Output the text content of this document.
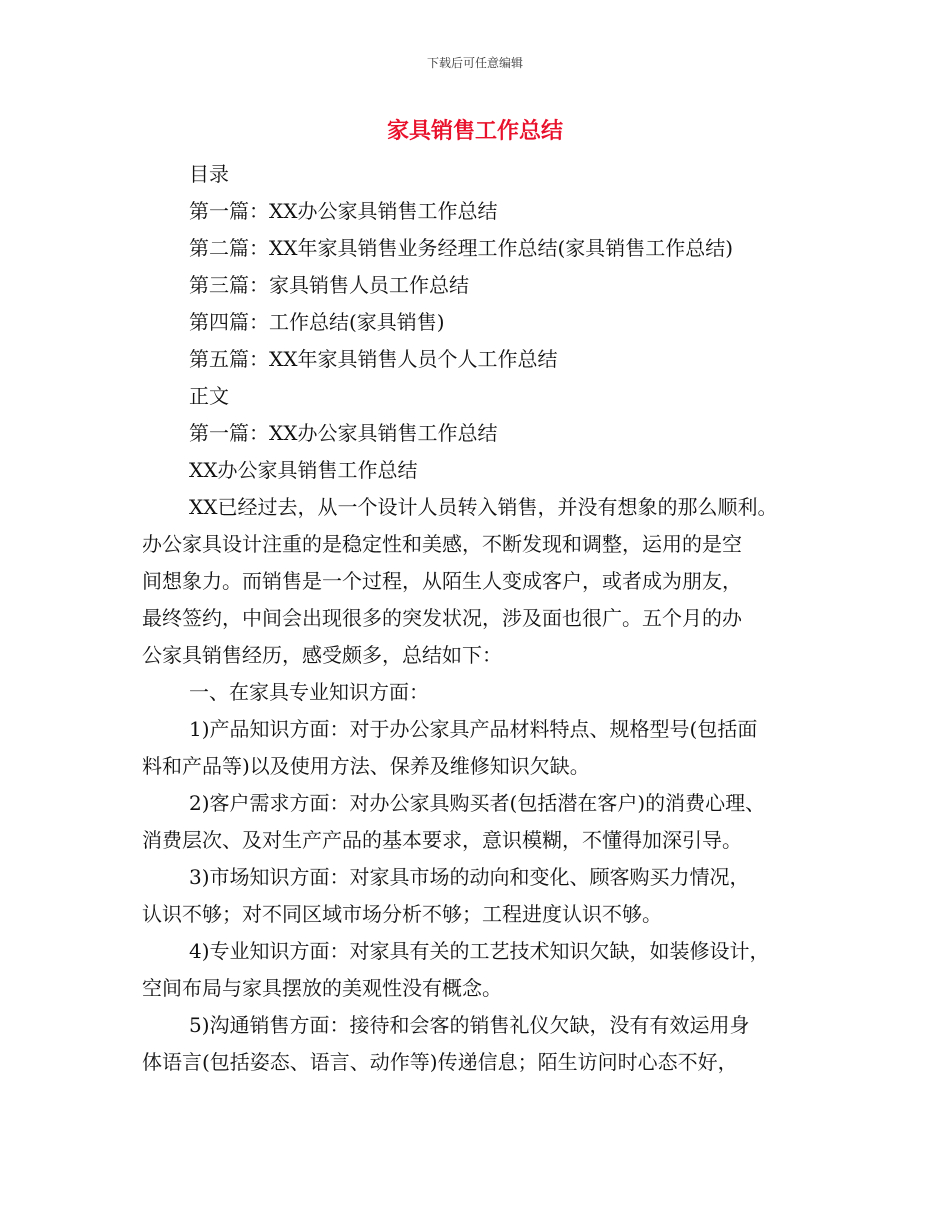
下载后可任意编辑
家具销售工作总结
目录
第一篇：XX办公家具销售工作总结
第二篇：XX年家具销售业务经理工作总结(家具销售工作总结)
第三篇：家具销售人员工作总结
第四篇：工作总结(家具销售)
第五篇：XX年家具销售人员个人工作总结
正文
第一篇：XX办公家具销售工作总结
XX办公家具销售工作总结
XX已经过去，从一个设计人员转入销售，并没有想象的那么顺利。
办公家具设计注重的是稳定性和美感，不断发现和调整，运用的是空
间想象力。而销售是一个过程，从陌生人变成客户，或者成为朋友，
最终签约，中间会出现很多的突发状况，涉及面也很广。五个月的办
公家具销售经历，感受颇多，总结如下：
一、在家具专业知识方面：
1)产品知识方面：对于办公家具产品材料特点、规格型号(包括面
料和产品等)以及使用方法、保养及维修知识欠缺。
2)客户需求方面：对办公家具购买者(包括潜在客户)的消费心理、
消费层次、及对生产产品的基本要求，意识模糊，不懂得加深引导。
3)市场知识方面：对家具市场的动向和变化、顾客购买力情况，
认识不够；对不同区域市场分析不够；工程进度认识不够。
4)专业知识方面：对家具有关的工艺技术知识欠缺，如装修设计，
空间布局与家具摆放的美观性没有概念。
5)沟通销售方面：接待和会客的销售礼仪欠缺，没有有效运用身
体语言(包括姿态、语言、动作等)传递信息；陌生访问时心态不好，
